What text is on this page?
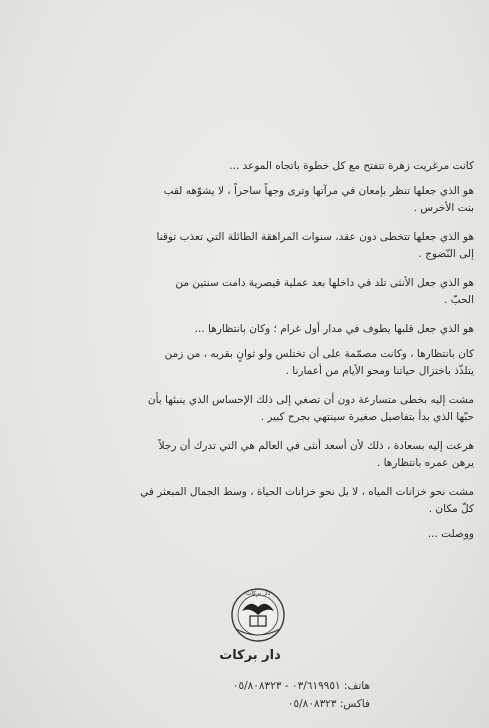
كانت مرغريت زهرة تتفتح مع كل خطوة باتجاه الموعد ...

هو الذي جعلها تنظر بإمعان في مرآتها وترى وجهاً ساحراً ، لا يشوّهه لقب
بنت الأخرس .

هو الذي جعلها تتخطى دون عقد، سنوات المراهقة الطائلة التي تعذب توقنا
إلى النّضوج .

هو الذي جعل الأنثى تلد في داخلها بعد عملية قيصرية دامت سنتين من
الحبّ .

هو الذي جعل قلبها يطوف في مدار أول غرام ؛ وكان بانتظارها ...

كان بانتظارها ، وكانت مصمّمة على أن تختلس ولو ثوانٍ بقربه ، من زمن
يتلذّذ باختزال حياتنا ومحو الأيام من أعمارنا .

مشت إليه بخطى متسارعة دون أن تصغي إلى ذلك الإحساس الذي ينبئها بأن
حبّها الذي بدأ بتفاصيل صغيرة سينتهي بجرح كبير .

هرعت إليه بسعادة ، ذلك لأن أسعد أنثى في العالم هي التي تدرك أن رجلاً
يرهن عمره بانتظارها .

مشت نحو خزانات المياه ، لا بل نحو خزانات الحياة ، وسط الجمال المبعثر في
كلّ مكان .

ووصلت ...

دار بركات
دار بركات
هاتف: ٠٣/٦١٩٩٥١ - ٠٥/٨٠٨٣٢٣
فاكس: ٠٥/٨٠٨٣٢٣
